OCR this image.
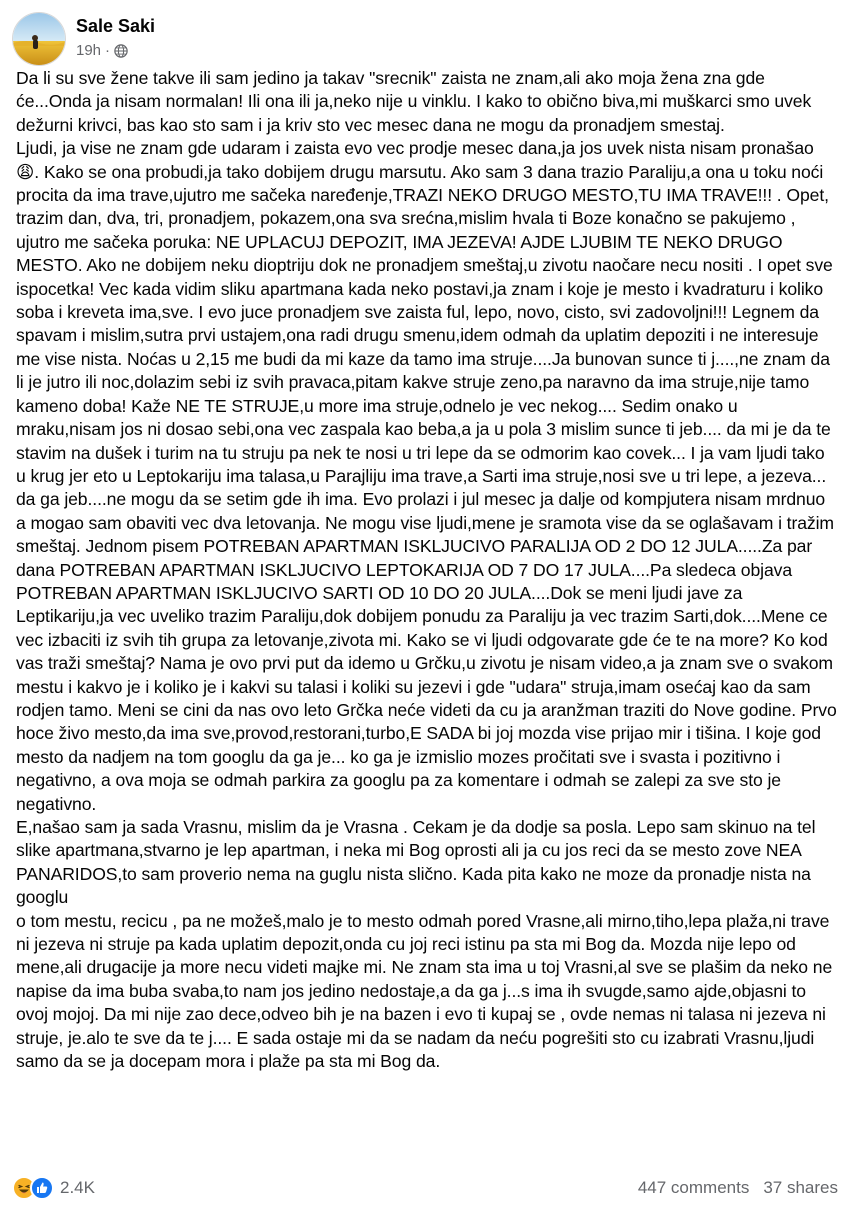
Sale Saki
19h ·
Da li su sve žene takve ili sam jedino ja takav "srecnik" zaista ne znam,ali ako moja žena zna gde će...Onda ja nisam normalan! Ili ona ili ja,neko nije u vinklu. I kako to obično biva,mi muškarci smo uvek dežurni krivci, bas kao sto sam i ja kriv sto vec mesec dana ne mogu da pronadjem smestaj.
Ljudi, ja vise ne znam gde udaram i zaista evo vec prodje mesec dana,ja jos uvek nista nisam pronašao 😩. Kako se ona probudi,ja tako dobijem drugu marsutu. Ako sam 3 dana trazio Paraliju,a ona u toku noći procita da ima trave,ujutro me sačeka naređenje,TRAZI NEKO DRUGO MESTO,TU IMA TRAVE!!! . Opet, trazim dan, dva, tri, pronadjem, pokazem,ona sva srećna,mislim hvala ti Boze konačno se pakujemo , ujutro me sačeka poruka: NE UPLACUJ DEPOZIT, IMA JEZEVA! AJDE LJUBIM TE NEKO DRUGO MESTO. Ako ne dobijem neku dioptriju dok ne pronadjem smeštaj,u zivotu naočare necu nositi . I opet sve ispocetka! Vec kada vidim sliku apartmana kada neko postavi,ja znam i koje je mesto i kvadraturu i koliko soba i kreveta ima,sve. I evo juce pronadjem sve zaista ful, lepo, novo, cisto, svi zadovoljni!!! Legnem da spavam i mislim,sutra prvi ustajem,ona radi drugu smenu,idem odmah da uplatim depoziti i ne interesuje me vise nista. Noćas u 2,15 me budi da mi kaze da tamo ima struje....Ja bunovan sunce ti j....,ne znam da li je jutro ili noc,dolazim sebi iz svih pravaca,pitam kakve struje zeno,pa naravno da ima struje,nije tamo kameno doba! Kaže NE TE STRUJE,u more ima struje,odnelo je vec nekog.... Sedim onako u mraku,nisam jos ni dosao sebi,ona vec zaspala kao beba,a ja u pola 3 mislim sunce ti jeb.... da mi je da te stavim na dušek i turim na tu struju pa nek te nosi u tri lepe da se odmorim kao covek... I ja vam ljudi tako u krug jer eto u Leptokariju ima talasa,u Parajliju ima trave,a Sarti ima struje,nosi sve u tri lepe, a jezeva... da ga jeb....ne mogu da se setim gde ih ima. Evo prolazi i jul mesec ja dalje od kompjutera nisam mrdnuo a mogao sam obaviti vec dva letovanja. Ne mogu vise ljudi,mene je sramota vise da se oglašavam i tražim smeštaj. Jednom pisem POTREBAN APARTMAN ISKLJUCIVO PARALIJA OD 2 DO 12 JULA.....Za par dana POTREBAN APARTMAN ISKLJUCIVO LEPTOKARIJA OD 7 DO 17 JULA....Pa sledeca objava POTREBAN APARTMAN ISKLJUCIVO SARTI OD 10 DO 20 JULA....Dok se meni ljudi jave za Leptikariju,ja vec uveliko trazim Paraliju,dok dobijem ponudu za Paraliju ja vec trazim Sarti,dok....Mene ce vec izbaciti iz svih tih grupa za letovanje,zivota mi. Kako se vi ljudi odgovarate gde će te na more? Ko kod vas traži smeštaj? Nama je ovo prvi put da idemo u Grčku,u zivotu je nisam video,a ja znam sve o svakom mestu i kakvo je i koliko je i kakvi su talasi i koliki su jezevi i gde "udara" struja,imam osećaj kao da sam rodjen tamo. Meni se cini da nas ovo leto Grčka neće videti da cu ja aranžman traziti do Nove godine. Prvo hoce živo mesto,da ima sve,provod,restorani,turbo,E SADA bi joj mozda vise prijao mir i tišina. I koje god mesto da nadjem na tom googlu da ga je... ko ga je izmislio mozes pročitati sve i svasta i pozitivno i negativno, a ova moja se odmah parkira za googlu pa za komentare i odmah se zalepi za sve sto je negativno.
E,našao sam ja sada Vrasnu, mislim da je Vrasna . Cekam je da dodje sa posla. Lepo sam skinuo na tel slike apartmana,stvarno je lep apartman, i neka mi Bog oprosti ali ja cu jos reci da se mesto zove NEA PANARIDOS,to sam proverio nema na guglu nista slično. Kada pita kako ne moze da pronadje nista na googlu
o tom mestu, recicu , pa ne možeš,malo je to mesto odmah pored Vrasne,ali mirno,tiho,lepa plaža,ni trave ni jezeva ni struje pa kada uplatim depozit,onda cu joj reci istinu pa sta mi Bog da. Mozda nije lepo od mene,ali drugacije ja more necu videti majke mi. Ne znam sta ima u toj Vrasni,al sve se plašim da neko ne napise da ima buba svaba,to nam jos jedino nedostaje,a da ga j...s ima ih svugde,samo ajde,objasni to ovoj mojoj. Da mi nije zao dece,odveo bih je na bazen i evo ti kupaj se , ovde nemas ni talasa ni jezeva ni struje, je.alo te sve da te j.... E sada ostaje mi da se nadam da neću pogrešiti sto cu izabrati Vrasnu,ljudi samo da se ja docepam mora i plaže pa sta mi Bog da.
2.4K	447 comments 37 shares
